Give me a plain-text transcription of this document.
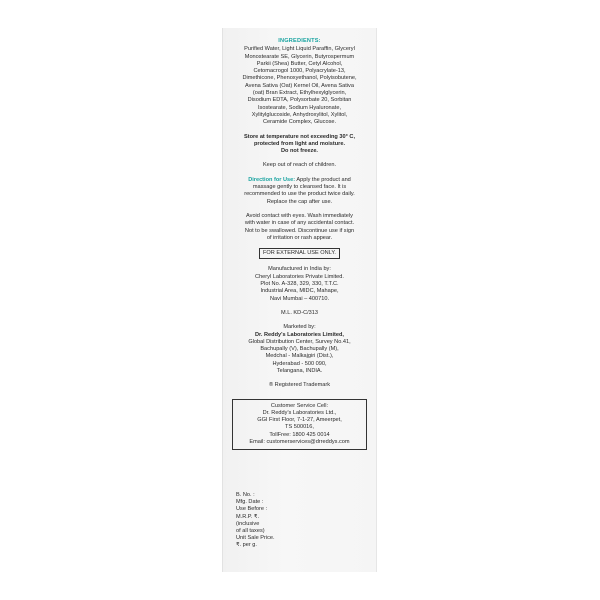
INGREDIENTS:

Purified Water, Light Liquid Paraffin, Glyceryl

Monostearate SE, Glycerin, Butyrospermum

Parkii (Shea) Butter, Cetyl Alcohol,

Cetomacrogol 1000, Polyacrylate-13,

Dimethicone, Phenoxyethanol, Polyisobutene,

Avena Sativa (Oat) Kernel Oil, Avena Sativa

(oat) Bran Extract, Ethylhexylglycerin,

Disodium EDTA, Polysorbate 20, Sorbitan

Isostearate, Sodium Hyaluronate,

Xylitylglucoside, Anhydroxylitol, Xylitol,

Ceramide Complex, Glucose.

Store at temperature not exceeding 30° C,

protected from light and moisture.

Do not freeze.

Keep out of reach of children.

Direction for Use: Apply the product and

massage gently to cleansed face. It is

recommended to use the product twice daily.

Replace the cap after use.

Avoid contact with eyes. Wash immediately

with water in case of any accidental contact.

Not to be swallowed. Discontinue use if sign

of irritation or rash appear.

FOR EXTERNAL USE ONLY.

Manufactured in India by:

Cheryl Laboratories Private Limited.

Plot No. A-328, 329, 330, T.T.C.

Industrial Area, MIDC, Mahape,

Navi Mumbai – 400710.

M.L. KD-C/313

Marketed by:

Dr. Reddy's Laboratories Limited,

Global Distribution Center, Survey No.41,

Bachupally (V), Bachupally (M),

Medchal - Malkajgiri (Dist.),

Hyderabad - 500 090,

Telangana, INDIA.

® Registered Trademark

Customer Service Cell:

Dr. Reddy's Laboratories Ltd.,

GGI First Floor, 7-1-27, Ameerpet,

TS 500016,

TollFree: 1800 425 0014

Email: customerservices@drreddys.com

B. No. :

Mfg. Date :

Use Before :

M.R.P. ₹.

(inclusive

of all taxes)

Unit Sale Price.

₹. per g.
